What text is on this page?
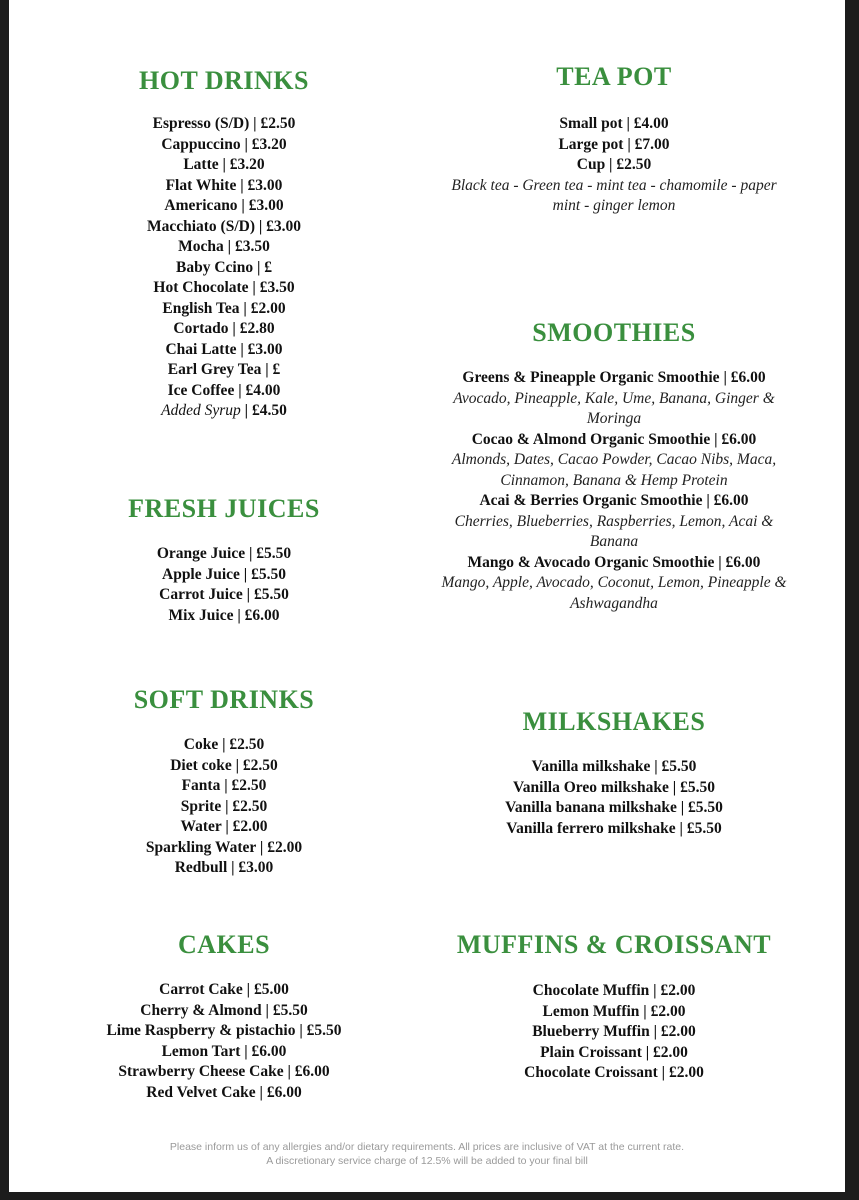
HOT DRINKS
Espresso (S/D) | £2.50
Cappuccino | £3.20
Latte | £3.20
Flat White | £3.00
Americano | £3.00
Macchiato (S/D) | £3.00
Mocha | £3.50
Baby Ccino | £
Hot Chocolate | £3.50
English Tea | £2.00
Cortado | £2.80
Chai Latte | £3.00
Earl Grey Tea | £
Ice Coffee | £4.00
Added Syrup | £4.50
TEA POT
Small pot | £4.00
Large pot | £7.00
Cup | £2.50
Black tea - Green tea - mint tea - chamomile - paper
mint - ginger lemon
FRESH JUICES
Orange Juice | £5.50
Apple Juice | £5.50
Carrot Juice | £5.50
Mix Juice | £6.00
SMOOTHIES
Greens & Pineapple Organic Smoothie | £6.00
Avocado, Pineapple, Kale, Ume, Banana, Ginger &
Moringa
Cocao & Almond Organic Smoothie | £6.00
Almonds, Dates, Cacao Powder, Cacao Nibs, Maca,
Cinnamon, Banana & Hemp Protein
Acai & Berries Organic Smoothie | £6.00
Cherries, Blueberries, Raspberries, Lemon, Acai &
Banana
Mango & Avocado Organic Smoothie | £6.00
Mango, Apple, Avocado, Coconut, Lemon, Pineapple &
Ashwagandha
SOFT DRINKS
Coke | £2.50
Diet coke | £2.50
Fanta | £2.50
Sprite | £2.50
Water | £2.00
Sparkling Water | £2.00
Redbull | £3.00
MILKSHAKES
Vanilla milkshake | £5.50
Vanilla Oreo milkshake | £5.50
Vanilla banana milkshake | £5.50
Vanilla ferrero milkshake | £5.50
CAKES
Carrot Cake | £5.00
Cherry & Almond | £5.50
Lime Raspberry & pistachio | £5.50
Lemon Tart | £6.00
Strawberry Cheese Cake | £6.00
Red Velvet Cake | £6.00
MUFFINS & CROISSANT
Chocolate Muffin | £2.00
Lemon Muffin | £2.00
Blueberry Muffin | £2.00
Plain Croissant | £2.00
Chocolate Croissant | £2.00
Please inform us of any allergies and/or dietary requirements. All prices are inclusive of VAT at the current rate.
A discretionary service charge of 12.5% will be added to your final bill
